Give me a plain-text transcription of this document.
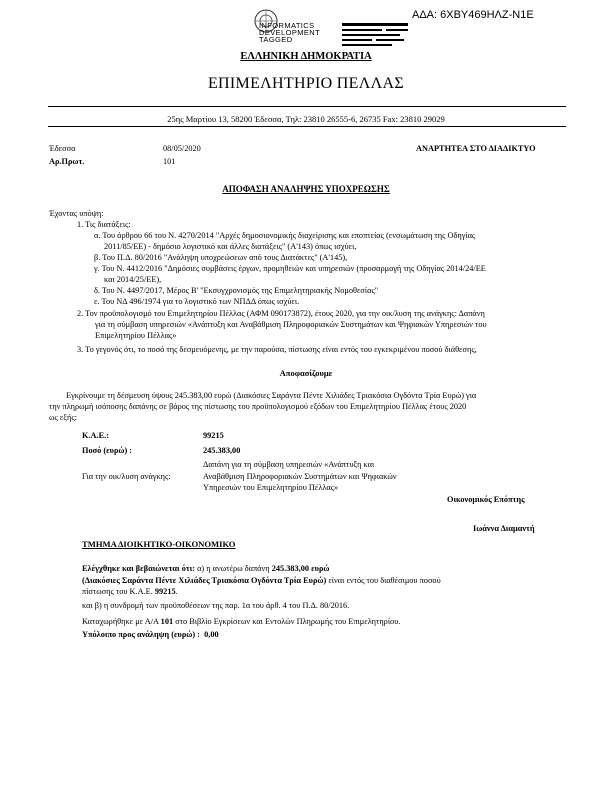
ΑΔΑ: 6ΧΒΥ469ΗΛΖ-Ν1Ε
INFORMATICS
DEVELOPMENT
TAGGED
ΕΛΛΗΝΙΚΗ ΔΗΜΟΚΡΑΤΙΑ
ΕΠΙΜΕΛΗΤΗΡΙΟ ΠΕΛΛΑΣ
25ης Μαρτίου 13, 58200 Έδεσσα, Τηλ: 23810 26555-6, 26735 Fax: 23810 29029
Έδεσσα	08/05/2020	ΑΝΑΡΤΗΤΕΑ ΣΤΟ ΔΙΑΔΙΚΤΥΟ
Αρ.Πρωτ.	101
ΑΠΟΦΑΣΗ ΑΝΑΛΗΨΗΣ ΥΠΟΧΡΕΩΣΗΣ
Έχοντας υπόψη:
1. Τις διατάξεις:
α. Του άρθρου 66 του Ν. 4270/2014 "Αρχές δημοσιονομικής διαχείρισης και εποπτείας (ενσωμάτωση της Οδηγίας
2011/85/ΕΕ) - δημόσιο λογιστικό και άλλες διατάξεις" (Α'143) όπως ισχύει,
β. Του Π.Δ. 80/2016 "Ανάληψη υποχρεώσεων από τους Διατάκτες" (Α'145),
γ. Του Ν. 4412/2016 "Δημόσιες συμβάσεις έργων, προμηθειών και υπηρεσιών (προσαρμογή της Οδηγίας 2014/24/ΕΕ
και 2014/25/ΕΕ),
δ. Του Ν. 4497/2017, Μέρος Β' "Εκσυγχρονισμός της Επιμελητηριακής Νομοθεσίας"
ε. Του ΝΔ 496/1974 για το λογιστικό των ΝΠΔΔ όπως ισχύει.
2. Τον προϋπολογισμό του Επιμελητηρίου Πέλλας (ΑΦΜ 090173872), έτους 2020, για την οικ/λυση της ανάγκης: Δαπάνη
για τη σύμβαση υπηρεσιών «Ανάπτυξη και Αναβάθμιση Πληροφοριακών Συστημάτων και Ψηφιακών Υπηρεσιών του
Επιμελητηρίου Πέλλας»
3. Το γεγονός ότι, το ποσό της δεσμευόμενης, με την παρούσα, πίστωσης είναι εντός του εγκεκριμένου ποσού διάθεσης,
Αποφασίζουμε
Εγκρίνουμε τη δέσμευση ύψους 245.383,00 ευρώ (Διακόσιες Σαράντα Πέντε Χιλιάδες Τριακόσια Ογδόντα Τρία Ευρώ) για
την πληρωμή ισόποσης δαπάνης σε βάρος της πίστωσης του προϋπολογισμού εξόδων του Επιμελητηρίου Πέλλας έτους 2020
ως εξής:
Κ.Α.Ε.:	99215
Ποσό (ευρώ) :	245.383,00
Για την οικ/λυση ανάγκης:
Δαπάνη για τη σύμβαση υπηρεσιών «Ανάπτυξη και
Αναβάθμιση Πληροφοριακών Συστημάτων και Ψηφιακών
Υπηρεσιών του Επιμελητηρίου Πέλλας»
Οικονομικός Επόπτης
Ιωάννα Διαμαντή
ΤΜΗΜΑ ΔΙΟΙΚΗΤΙΚΟ-ΟΙΚΟΝΟΜΙΚΟ
Ελέγχθηκε και βεβαιώνεται ότι: α) η ανωτέρω δαπάνη 245.383,00 ευρώ
(Διακόσιες Σαράντα Πέντε Χιλιάδες Τριακόσια Ογδόντα Τρία Ευρώ) είναι εντός του διαθέσιμου ποσού
πίστωσης του Κ.Α.Ε. 99215.
και β) η συνδρομή των προϋποθέσεων της παρ. 1α του άρθ. 4 του Π.Δ. 80/2016.
Καταχωρήθηκε με Α/Α 101 στο Βιβλίο Εγκρίσεων και Εντολών Πληρωμής του Επιμελητηρίου.
Υπόλοιπο προς ανάληψη (ευρώ) : 0,00
